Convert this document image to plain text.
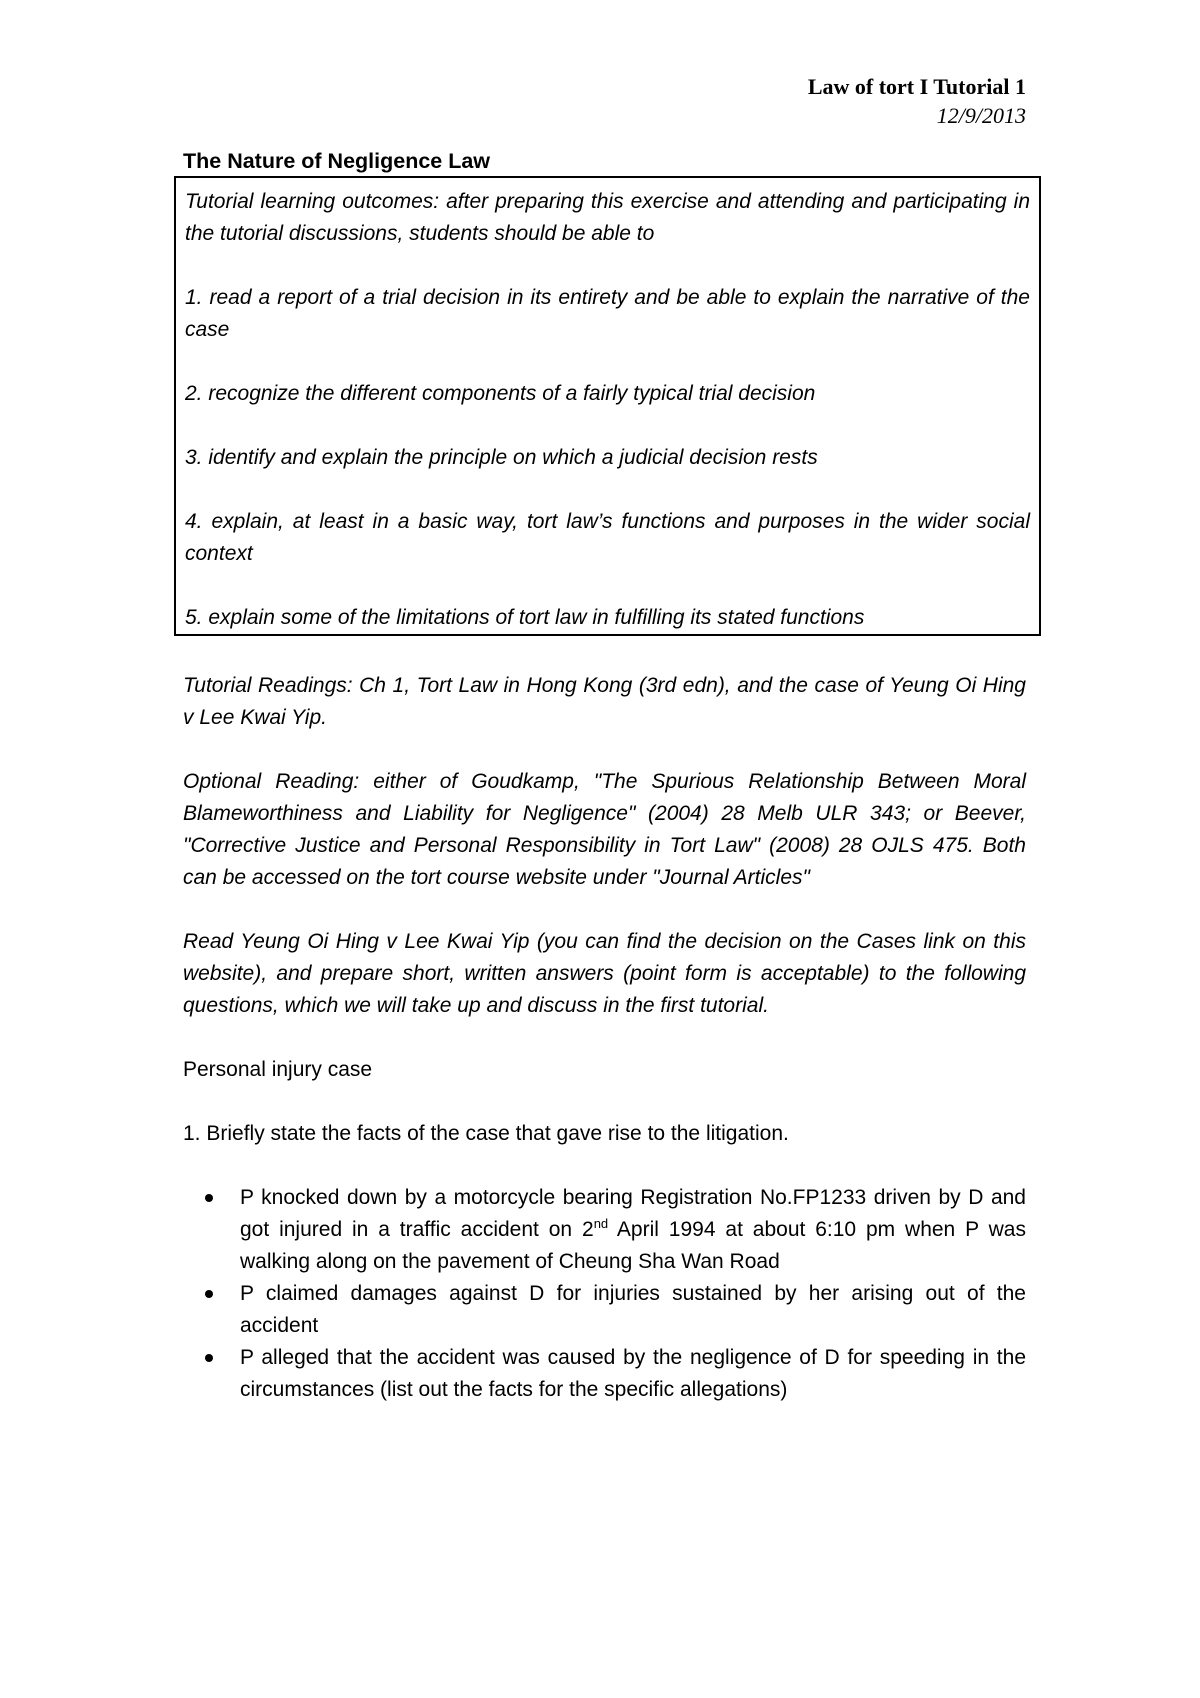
Law of tort I Tutorial 1
12/9/2013
The Nature of Negligence Law

Tutorial learning outcomes: after preparing this exercise and attending and participating in the tutorial discussions, students should be able to

1. read a report of a trial decision in its entirety and be able to explain the narrative of the case

2. recognize the different components of a fairly typical trial decision

3. identify and explain the principle on which a judicial decision rests

4. explain, at least in a basic way, tort law’s functions and purposes in the wider social context

5. explain some of the limitations of tort law in fulfilling its stated functions

Tutorial Readings: Ch 1, Tort Law in Hong Kong (3rd edn), and the case of Yeung Oi Hing v Lee Kwai Yip.

Optional Reading: either of Goudkamp, "The Spurious Relationship Between Moral Blameworthiness and Liability for Negligence" (2004) 28 Melb ULR 343; or Beever, "Corrective Justice and Personal Responsibility in Tort Law" (2008) 28 OJLS 475. Both can be accessed on the tort course website under "Journal Articles"

Read Yeung Oi Hing v Lee Kwai Yip (you can find the decision on the Cases link on this website), and prepare short, written answers (point form is acceptable) to the following questions, which we will take up and discuss in the first tutorial.

Personal injury case

1. Briefly state the facts of the case that gave rise to the litigation.

P knocked down by a motorcycle bearing Registration No.FP1233 driven by D and got injured in a traffic accident on 2nd April 1994 at about 6:10 pm when P was walking along on the pavement of Cheung Sha Wan Road
P claimed damages against D for injuries sustained by her arising out of the accident
P alleged that the accident was caused by the negligence of D for speeding in the circumstances (list out the facts for the specific allegations)
